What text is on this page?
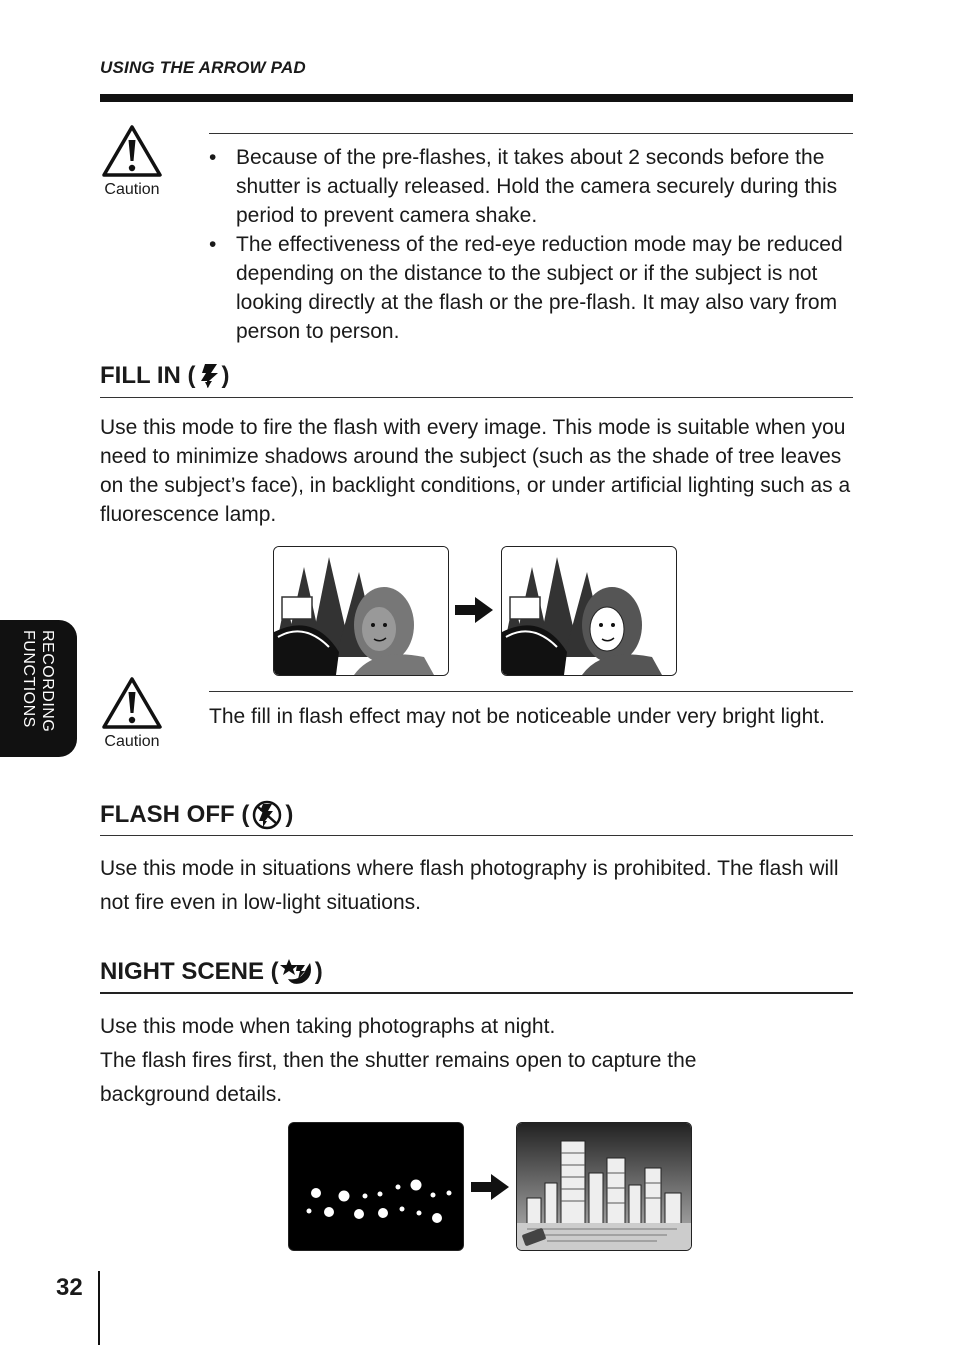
USING THE ARROW PAD
Caution
• Because of the pre-flashes, it takes about 2 seconds before the shutter is actually released. Hold the camera securely during this period to prevent camera shake.
• The effectiveness of the red-eye reduction mode may be reduced depending on the distance to the subject or if the subject is not looking directly at the flash or the pre-flash. It may also vary from person to person.
FILL IN ( )

Use this mode to fire the flash with every image. This mode is suitable when you need to minimize shadows around the subject (such as the shade of tree leaves on the subject’s face), in backlight conditions, or under artificial lighting such as a fluorescence lamp.

Caution

The fill in flash effect may not be noticeable under very bright light.

FLASH OFF ( )

Use this mode in situations where flash photography is prohibited. The flash will not fire even in low-light situations.

NIGHT SCENE ( )

Use this mode when taking photographs at night.

The flash fires first, then the shutter remains open to capture the background details.

RECORDING
FUNCTIONS
32
